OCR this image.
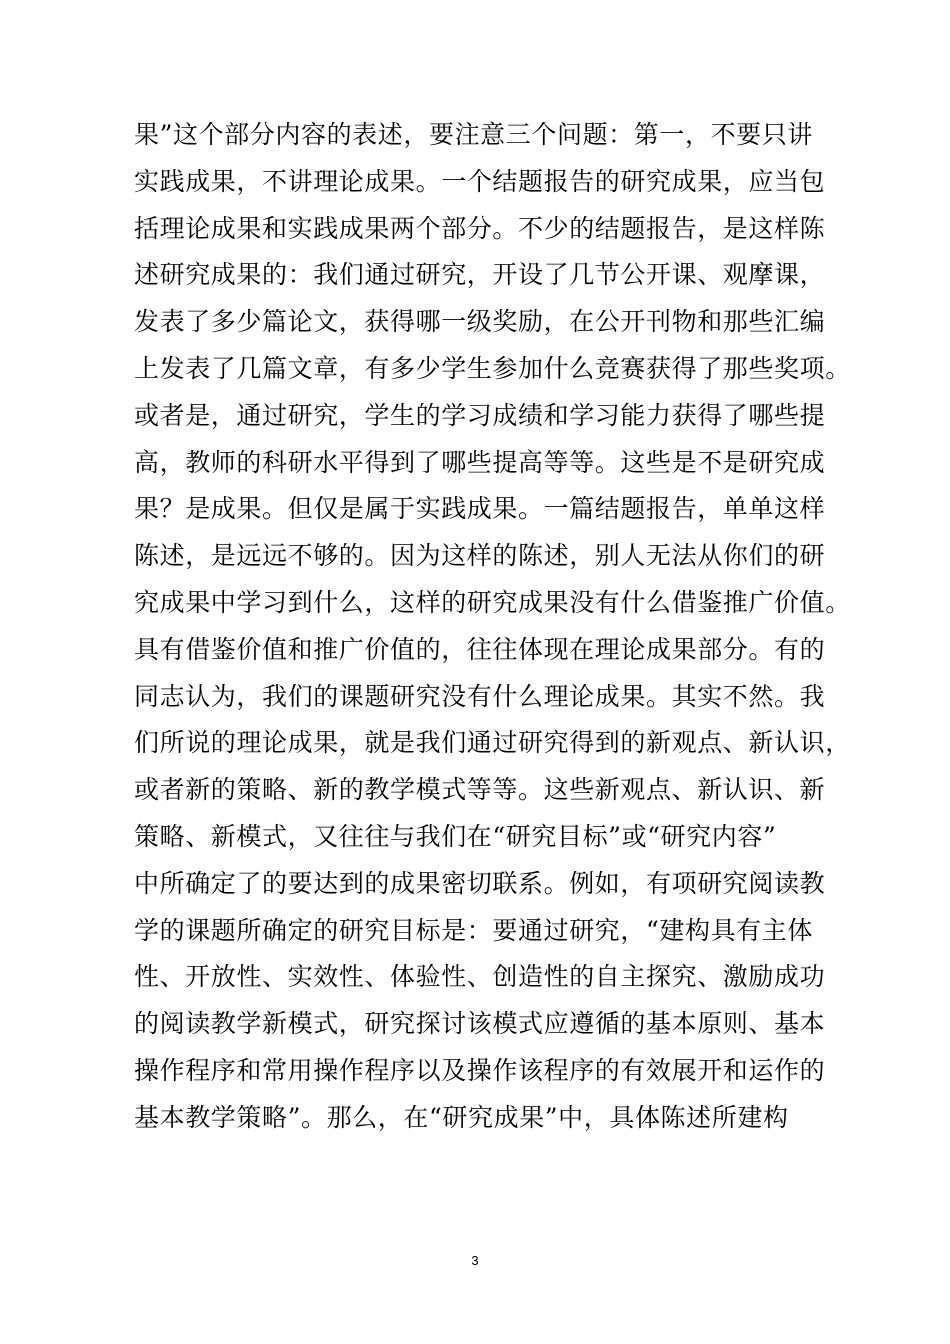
果”这个部分内容的表述，要注意三个问题：第一，不要只讲
实践成果，不讲理论成果。一个结题报告的研究成果，应当包
括理论成果和实践成果两个部分。不少的结题报告，是这样陈
述研究成果的：我们通过研究，开设了几节公开课、观摩课，
发表了多少篇论文，获得哪一级奖励，在公开刊物和那些汇编
上发表了几篇文章，有多少学生参加什么竞赛获得了那些奖项。
或者是，通过研究，学生的学习成绩和学习能力获得了哪些提
高，教师的科研水平得到了哪些提高等等。这些是不是研究成
果？是成果。但仅是属于实践成果。一篇结题报告，单单这样
陈述，是远远不够的。因为这样的陈述，别人无法从你们的研
究成果中学习到什么，这样的研究成果没有什么借鉴推广价值。
具有借鉴价值和推广价值的，往往体现在理论成果部分。有的
同志认为，我们的课题研究没有什么理论成果。其实不然。我
们所说的理论成果，就是我们通过研究得到的新观点、新认识，
或者新的策略、新的教学模式等等。这些新观点、新认识、新
策略、新模式，又往往与我们在“研究目标”或“研究内容”
中所确定了的要达到的成果密切联系。例如，有项研究阅读教
学的课题所确定的研究目标是：要通过研究，“建构具有主体
性、开放性、实效性、体验性、创造性的自主探究、激励成功
的阅读教学新模式，研究探讨该模式应遵循的基本原则、基本
操作程序和常用操作程序以及操作该程序的有效展开和运作的
基本教学策略”。那么，在“研究成果”中，具体陈述所建构
3
